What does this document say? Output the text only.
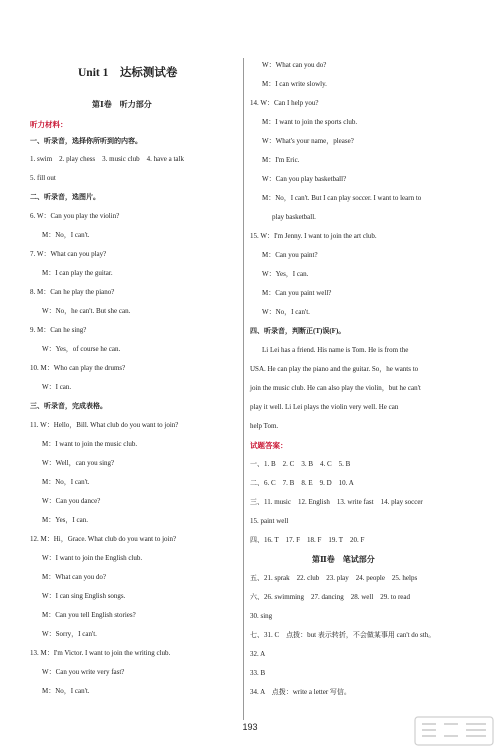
Unit 1　达标测试卷
第Ⅰ卷　听力部分
听力材料：
一、听录音，选择你所听到的内容。
1. swim　2. play chess　3. music club　4. have a talk
5. fill out
二、听录音，选图片。
6. W：Can you play the violin?
M：No，I can't.
7. W：What can you play?
M：I can play the guitar.
8. M：Can he play the piano?
W：No，he can't. But she can.
9. M：Can he sing?
W：Yes，of course he can.
10. M：Who can play the drums?
W：I can.
三、听录音，完成表格。
11. W：Hello，Bill. What club do you want to join?
M：I want to join the music club.
W：Well，can you sing?
M：No，I can't.
W：Can you dance?
M：Yes，I can.
12. M：Hi，Grace. What club do you want to join?
W：I want to join the English club.
M：What can you do?
W：I can sing English songs.
M：Can you tell English stories?
W：Sorry，I can't.
13. M：I'm Victor. I want to join the writing club.
W：Can you write very fast?
M：No，I can't.
W：What can you do?
M：I can write slowly.
14. W：Can I help you?
M：I want to join the sports club.
W：What's your name，please?
M：I'm Eric.
W：Can you play basketball?
M：No，I can't. But I can play soccer. I want to learn to
play basketball.
15. W：I'm Jenny. I want to join the art club.
M：Can you paint?
W：Yes，I can.
M：Can you paint well?
W：No，I can't.
四、听录音，判断正(T)误(F)。
Li Lei has a friend. His name is Tom. He is from the
USA. He can play the piano and the guitar. So，he wants to
join the music club. He can also play the violin，but he can't
play it well. Li Lei plays the violin very well. He can
help Tom.
试题答案：
一、1. B　2. C　3. B　4. C　5. B
二、6. C　7. B　8. E　9. D　10. A
三、11. music　12. English　13. write fast　14. play soccer
15. paint well
四、16. T　17. F　18. F　19. T　20. F
第Ⅱ卷　笔试部分
五、21. sprak　22. club　23. play　24. people　25. helps
六、26. swimming　27. dancing　28. well　29. to read
30. sing
七、31. C　点拨：but 表示转折，不会做某事用 can't do sth。
32. A
33. B
34. A　点拨：write a letter 写信。
193
